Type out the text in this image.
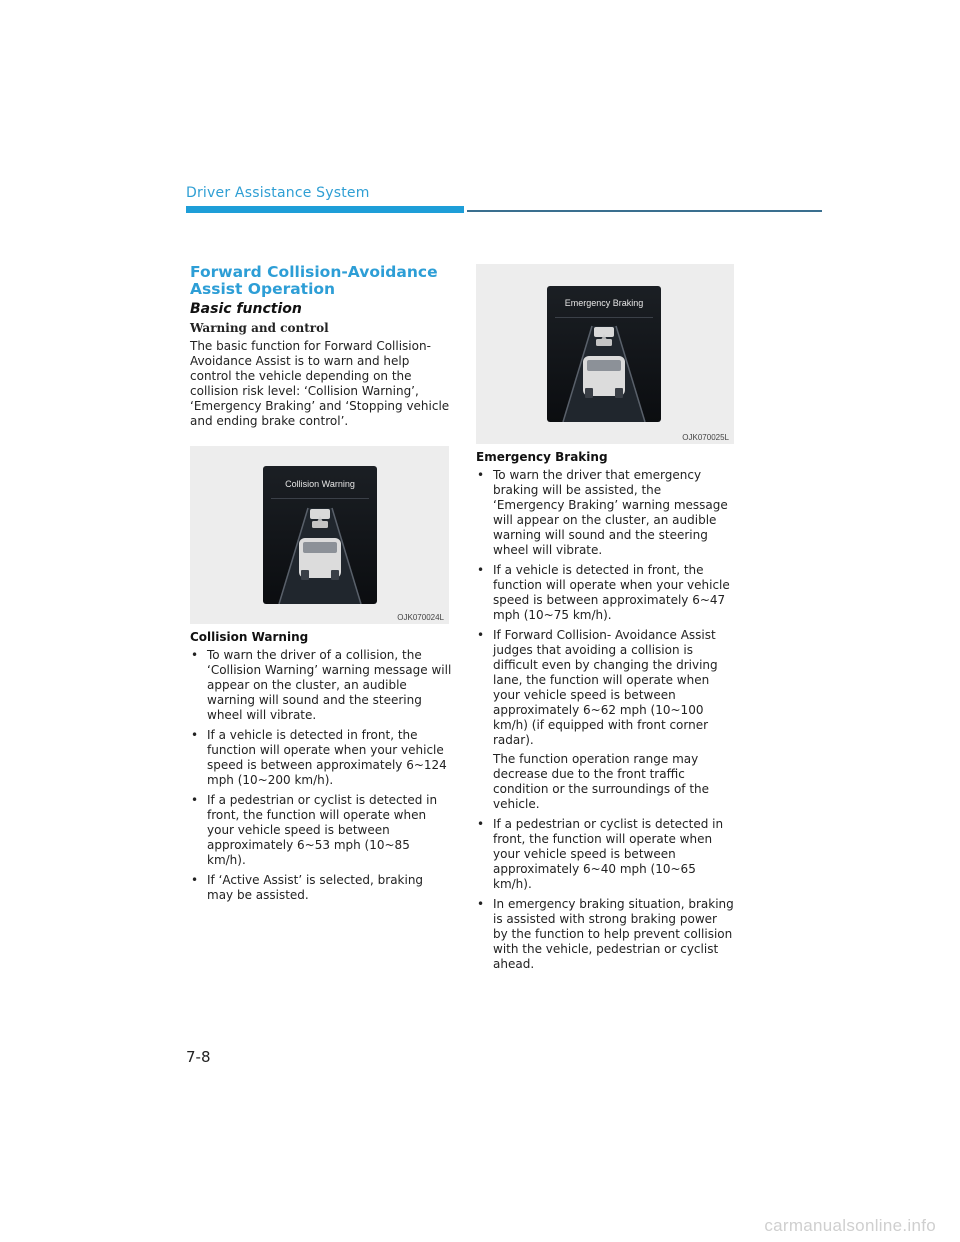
Driver Assistance System
Forward Collision-Avoidance Assist Operation
Basic function
Warning and control

The basic function for Forward Collision-Avoidance Assist is to warn and help control the vehicle depending on the collision risk level: ‘Collision Warning’, ‘Emergency Braking’ and ‘Stopping vehicle and ending brake control’.

Collision Warning
OJK070024L
Collision Warning
• To warn the driver of a collision, the ‘Collision Warning’ warning message will appear on the cluster, an audible warning will sound and the steering wheel will vibrate.
• If a vehicle is detected in front, the function will operate when your vehicle speed is between approximately 6~124 mph (10~200 km/h).
• If a pedestrian or cyclist is detected in front, the function will operate when your vehicle speed is between approximately 6~53 mph (10~85 km/h).
• If ‘Active Assist’ is selected, braking may be assisted.
Emergency Braking
OJK070025L
Emergency Braking
• To warn the driver that emergency braking will be assisted, the ‘Emergency Braking’ warning message will appear on the cluster, an audible warning will sound and the steering wheel will vibrate.
• If a vehicle is detected in front, the function will operate when your vehicle speed is between approximately 6~47 mph (10~75 km/h).
• If Forward Collision- Avoidance Assist judges that avoiding a collision is difficult even by changing the driving lane, the function will operate when your vehicle speed is between approximately 6~62 mph (10~100 km/h) (if equipped with front corner radar).

The function operation range may decrease due to the front traffic condition or the surroundings of the vehicle.

• If a pedestrian or cyclist is detected in front, the function will operate when your vehicle speed is between approximately 6~40 mph (10~65 km/h).
• In emergency braking situation, braking is assisted with strong braking power by the function to help prevent collision with the vehicle, pedestrian or cyclist ahead.
7-8
carmanualsonline.info
